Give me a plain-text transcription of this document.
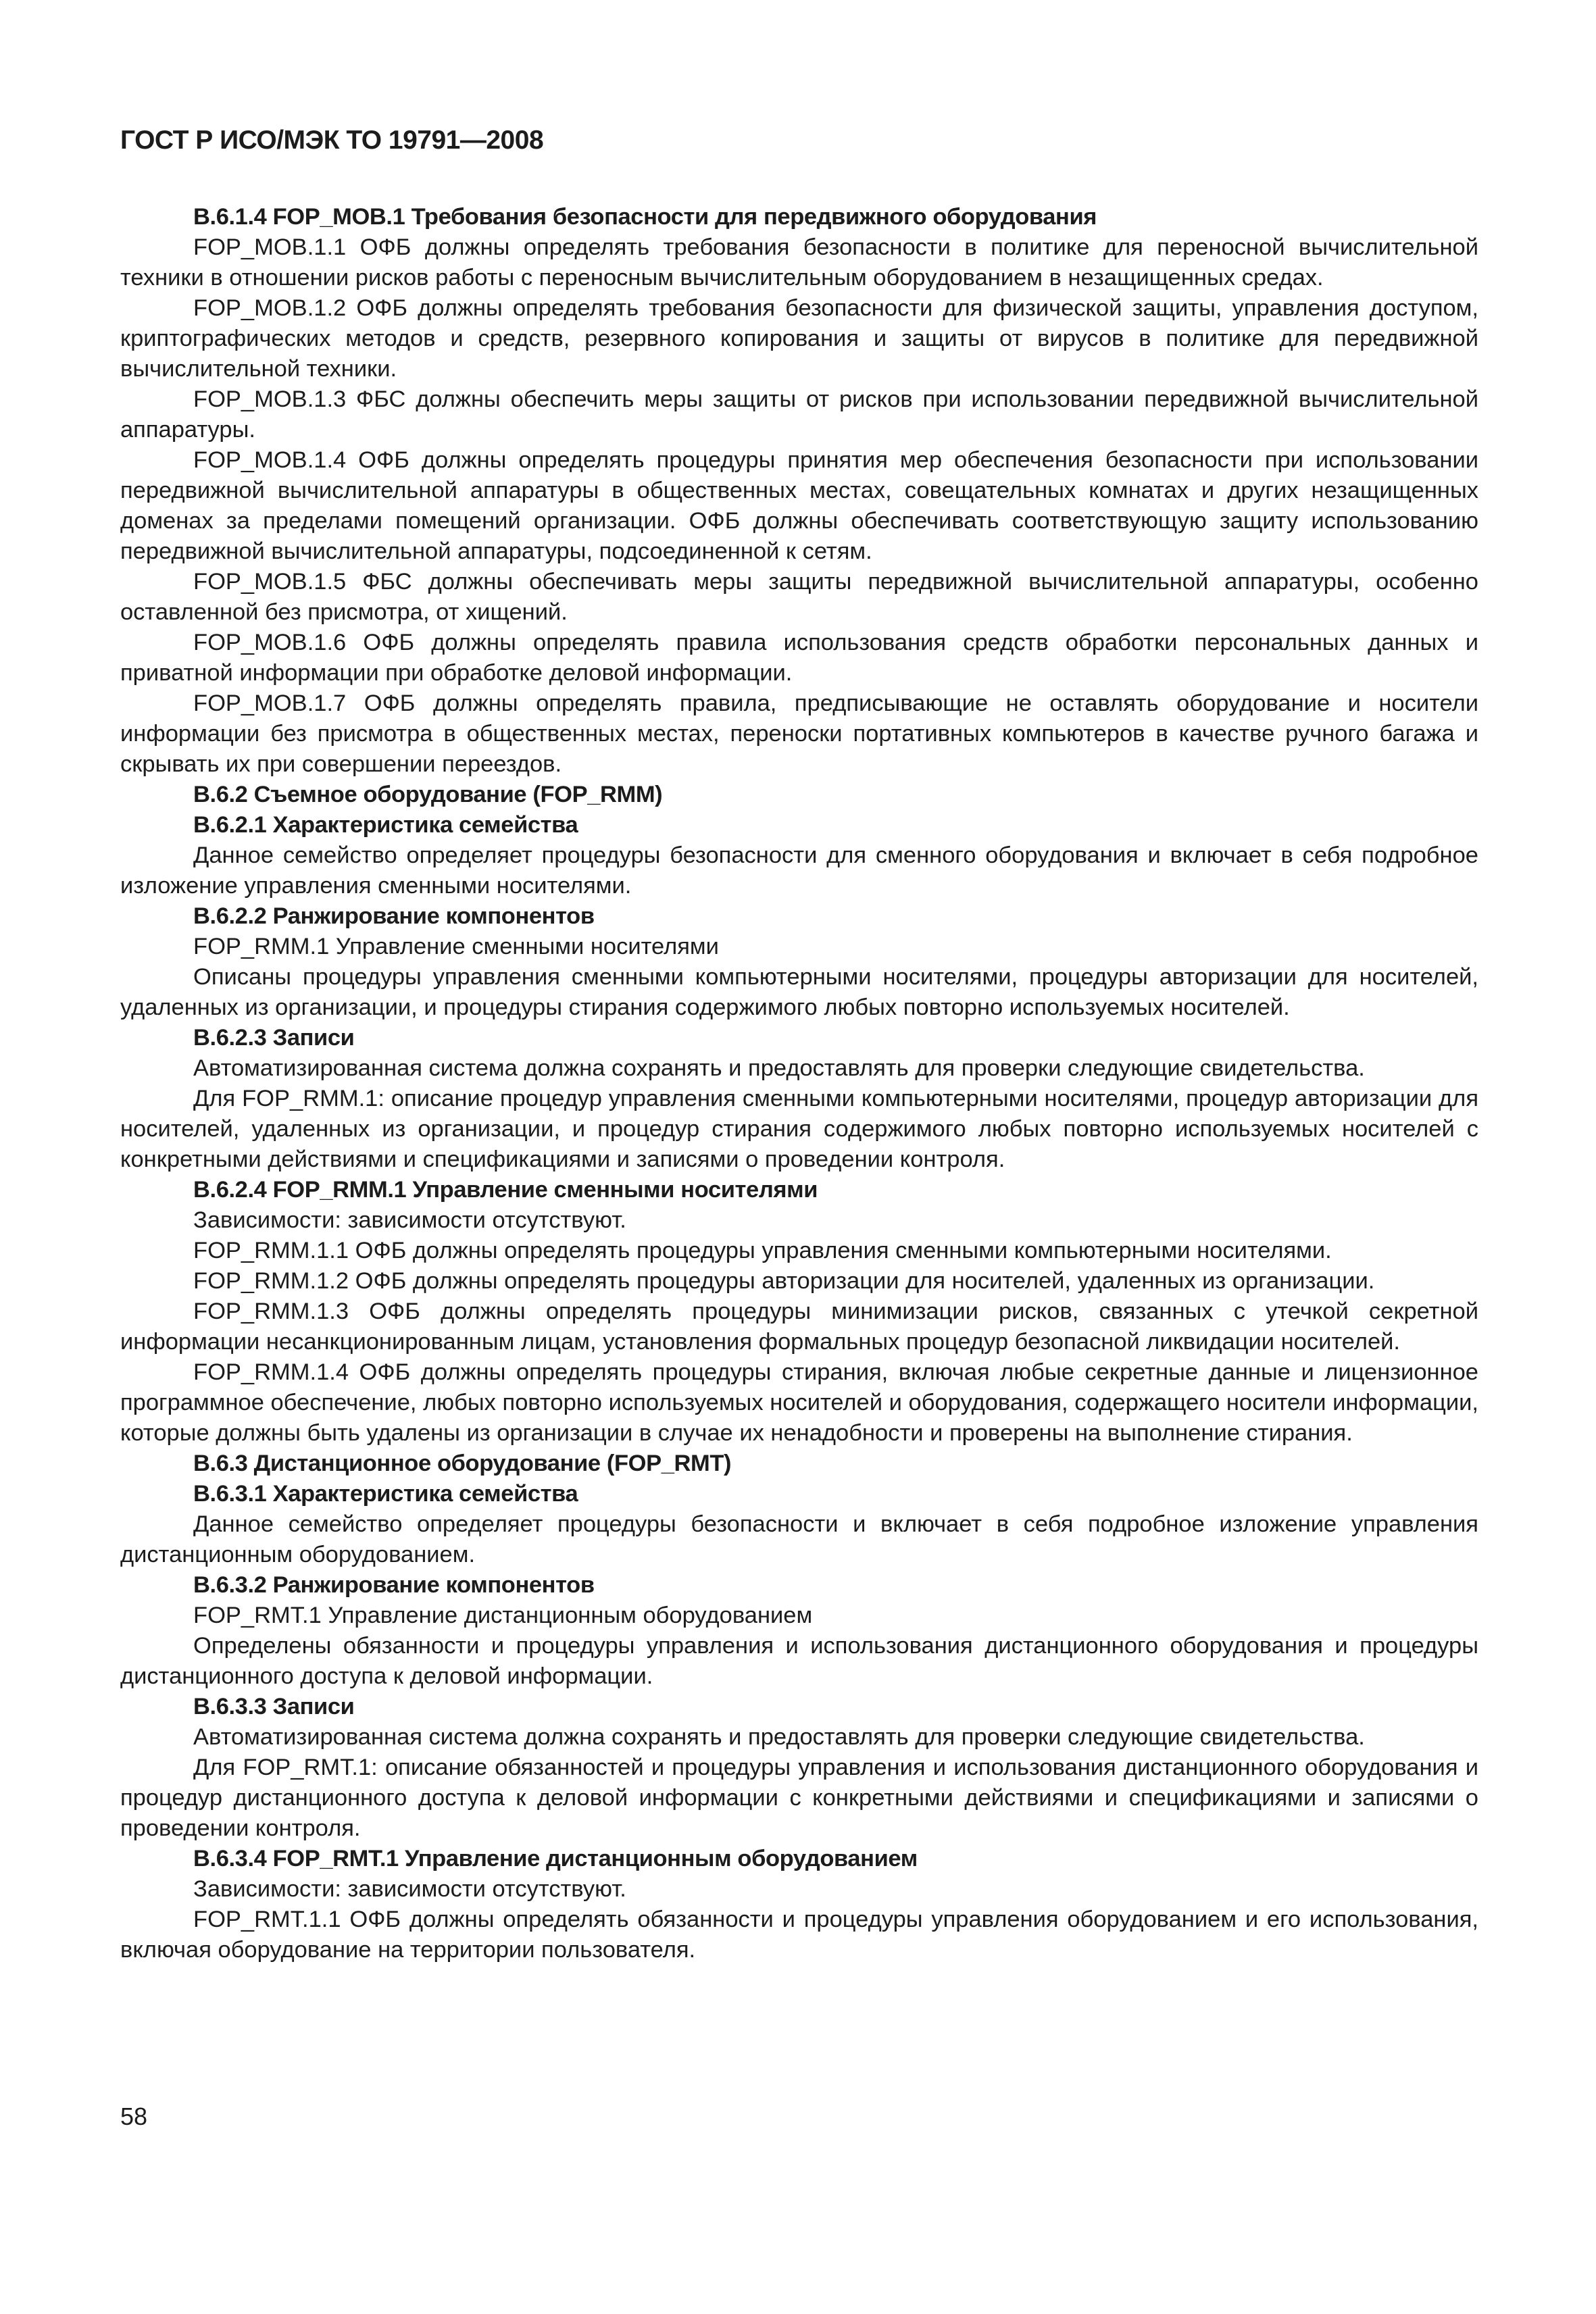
ГОСТ Р ИСО/МЭК ТО 19791—2008

B.6.1.4 FOP_MOB.1 Требования безопасности для передвижного оборудования

FOP_MOB.1.1 ОФБ должны определять требования безопасности в политике для переносной вычислительной техники в отношении рисков работы с переносным вычислительным оборудованием в незащищенных средах.

FOP_MOB.1.2 ОФБ должны определять требования безопасности для физической защиты, управления доступом, криптографических методов и средств, резервного копирования и защиты от вирусов в политике для передвижной вычислительной техники.

FOP_MOB.1.3 ФБС должны обеспечить меры защиты от рисков при использовании передвижной вычислительной аппаратуры.

FOP_MOB.1.4 ОФБ должны определять процедуры принятия мер обеспечения безопасности при использовании передвижной вычислительной аппаратуры в общественных местах, совещательных комнатах и других незащищенных доменах за пределами помещений организации. ОФБ должны обеспечивать соответствующую защиту использованию передвижной вычислительной аппаратуры, подсоединенной к сетям.

FOP_MOB.1.5 ФБС должны обеспечивать меры защиты передвижной вычислительной аппаратуры, особенно оставленной без присмотра, от хищений.

FOP_MOB.1.6 ОФБ должны определять правила использования средств обработки персональных данных и приватной информации при обработке деловой информации.

FOP_MOB.1.7 ОФБ должны определять правила, предписывающие не оставлять оборудование и носители информации без присмотра в общественных местах, переноски портативных компьютеров в качестве ручного багажа и скрывать их при совершении переездов.

B.6.2 Съемное оборудование (FOP_RMM)

B.6.2.1 Характеристика семейства

Данное семейство определяет процедуры безопасности для сменного оборудования и включает в себя подробное изложение управления сменными носителями.

B.6.2.2 Ранжирование компонентов

FOP_RMM.1 Управление сменными носителями

Описаны процедуры управления сменными компьютерными носителями, процедуры авторизации для носителей, удаленных из организации, и процедуры стирания содержимого любых повторно используемых носителей.

B.6.2.3 Записи

Автоматизированная система должна сохранять и предоставлять для проверки следующие свидетельства.

Для FOP_RMM.1: описание процедур управления сменными компьютерными носителями, процедур авторизации для носителей, удаленных из организации, и процедур стирания содержимого любых повторно используемых носителей с конкретными действиями и спецификациями и записями о проведении контроля.

B.6.2.4 FOP_RMM.1 Управление сменными носителями

Зависимости: зависимости отсутствуют.

FOP_RMM.1.1 ОФБ должны определять процедуры управления сменными компьютерными носителями.

FOP_RMM.1.2 ОФБ должны определять процедуры авторизации для носителей, удаленных из организации.

FOP_RMM.1.3 ОФБ должны определять процедуры минимизации рисков, связанных с утечкой секретной информации несанкционированным лицам, установления формальных процедур безопасной ликвидации носителей.

FOP_RMM.1.4 ОФБ должны определять процедуры стирания, включая любые секретные данные и лицензионное программное обеспечение, любых повторно используемых носителей и оборудования, содержащего носители информации, которые должны быть удалены из организации в случае их ненадобности и проверены на выполнение стирания.

B.6.3 Дистанционное оборудование (FOP_RMT)

B.6.3.1 Характеристика семейства

Данное семейство определяет процедуры безопасности и включает в себя подробное изложение управления дистанционным оборудованием.

B.6.3.2 Ранжирование компонентов

FOP_RMT.1 Управление дистанционным оборудованием

Определены обязанности и процедуры управления и использования дистанционного оборудования и процедуры дистанционного доступа к деловой информации.

B.6.3.3 Записи

Автоматизированная система должна сохранять и предоставлять для проверки следующие свидетельства.

Для FOP_RMT.1: описание обязанностей и процедуры управления и использования дистанционного оборудования и процедур дистанционного доступа к деловой информации с конкретными действиями и спецификациями и записями о проведении контроля.

B.6.3.4 FOP_RMT.1 Управление дистанционным оборудованием

Зависимости: зависимости отсутствуют.

FOP_RMT.1.1 ОФБ должны определять обязанности и процедуры управления оборудованием и его использования, включая оборудование на территории пользователя.

58
